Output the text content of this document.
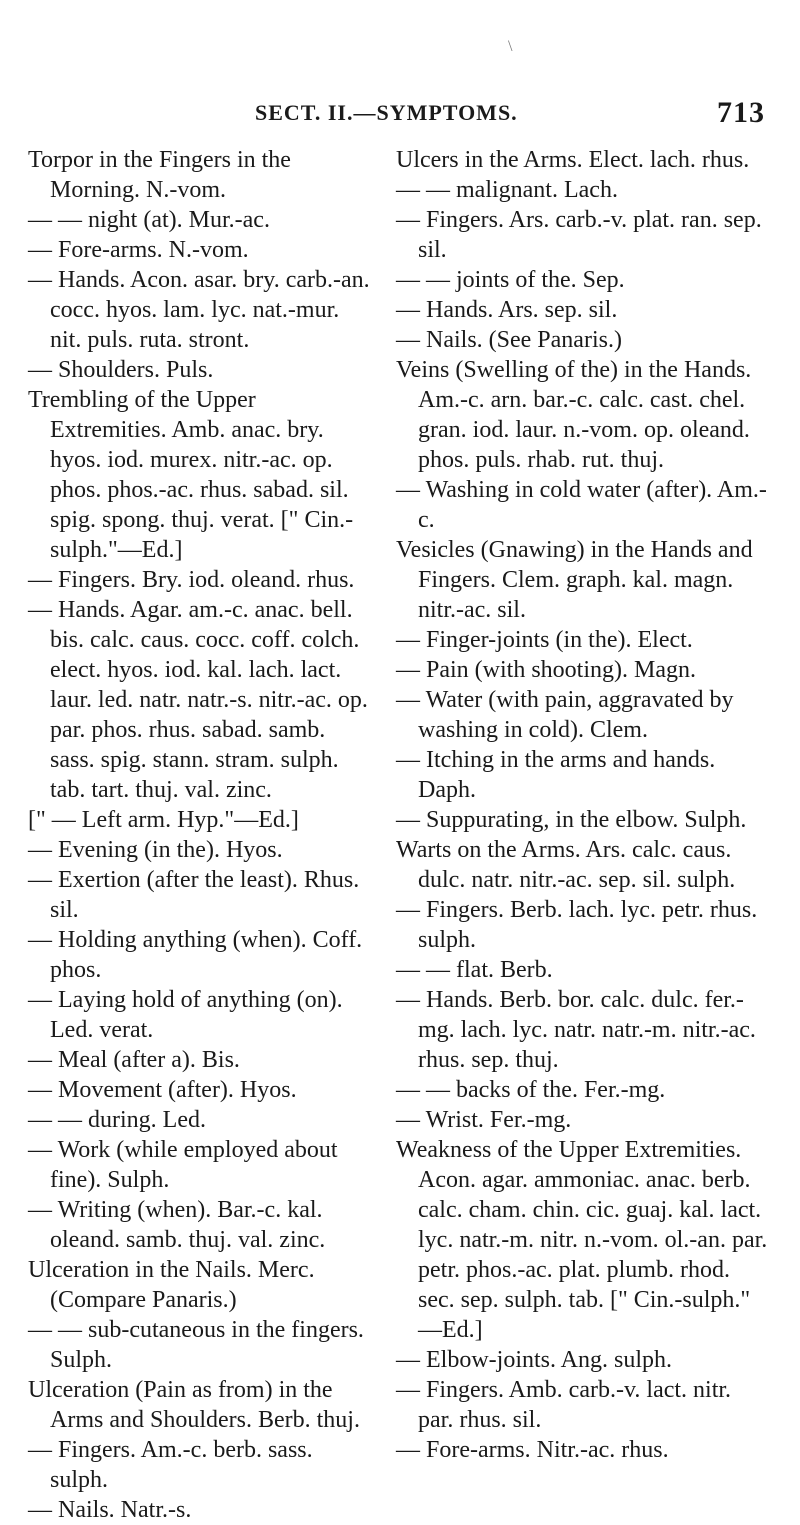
\
SECT. II.—SYMPTOMS.	713

Torpor in the Fingers in the Morning. N.-vom.

— — night (at). Mur.-ac.

— Fore-arms. N.-vom.

— Hands. Acon. asar. bry. carb.-an. cocc. hyos. lam. lyc. nat.-mur. nit. puls. ruta. stront.

— Shoulders. Puls.

Trembling of the Upper Extremities. Amb. anac. bry. hyos. iod. murex. nitr.-ac. op. phos. phos.-ac. rhus. sabad. sil. spig. spong. thuj. verat. [" Cin.-sulph."—Ed.]

— Fingers. Bry. iod. oleand. rhus.

— Hands. Agar. am.-c. anac. bell. bis. calc. caus. cocc. coff. colch. elect. hyos. iod. kal. lach. lact. laur. led. natr. natr.-s. nitr.-ac. op. par. phos. rhus. sabad. samb. sass. spig. stann. stram. sulph. tab. tart. thuj. val. zinc.

[" — Left arm. Hyp."—Ed.]

— Evening (in the). Hyos.

— Exertion (after the least). Rhus. sil.

— Holding anything (when). Coff. phos.

— Laying hold of anything (on). Led. verat.

— Meal (after a). Bis.

— Movement (after). Hyos.

— — during. Led.

— Work (while employed about fine). Sulph.

— Writing (when). Bar.-c. kal. oleand. samb. thuj. val. zinc.

Ulceration in the Nails. Merc. (Compare Panaris.)

— — sub-cutaneous in the fingers. Sulph.

Ulceration (Pain as from) in the Arms and Shoulders. Berb. thuj.

— Fingers. Am.-c. berb. sass. sulph.

— Nails. Natr.-s.

Ulcers in the Arms. Elect. lach. rhus.

— — malignant. Lach.

— Fingers. Ars. carb.-v. plat. ran. sep. sil.

— — joints of the. Sep.

— Hands. Ars. sep. sil.

— Nails. (See Panaris.)

Veins (Swelling of the) in the Hands. Am.-c. arn. bar.-c. calc. cast. chel. gran. iod. laur. n.-vom. op. oleand. phos. puls. rhab. rut. thuj.

— Washing in cold water (after). Am.-c.

Vesicles (Gnawing) in the Hands and Fingers. Clem. graph. kal. magn. nitr.-ac. sil.

— Finger-joints (in the). Elect.

— Pain (with shooting). Magn.

— Water (with pain, aggravated by washing in cold). Clem.

— Itching in the arms and hands. Daph.

— Suppurating, in the elbow. Sulph.

Warts on the Arms. Ars. calc. caus. dulc. natr. nitr.-ac. sep. sil. sulph.

— Fingers. Berb. lach. lyc. petr. rhus. sulph.

— — flat. Berb.

— Hands. Berb. bor. calc. dulc. fer.-mg. lach. lyc. natr. natr.-m. nitr.-ac. rhus. sep. thuj.

— — backs of the. Fer.-mg.

— Wrist. Fer.-mg.

Weakness of the Upper Extremities. Acon. agar. ammoniac. anac. berb. calc. cham. chin. cic. guaj. kal. lact. lyc. natr.-m. nitr. n.-vom. ol.-an. par. petr. phos.-ac. plat. plumb. rhod. sec. sep. sulph. tab. [" Cin.-sulph." —Ed.]

— Elbow-joints. Ang. sulph.

— Fingers. Amb. carb.-v. lact. nitr. par. rhus. sil.

— Fore-arms. Nitr.-ac. rhus.
